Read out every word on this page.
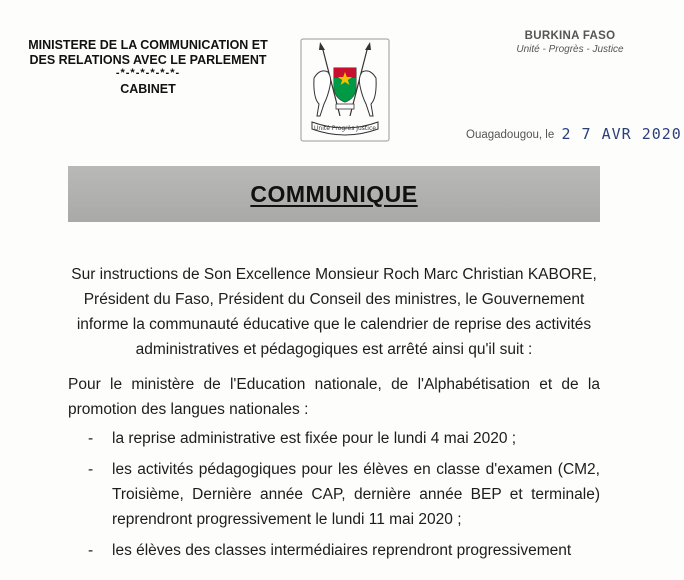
MINISTERE DE LA COMMUNICATION ET
DES RELATIONS AVEC LE PARLEMENT
-*-*-*-*-*-*-
CABINET
Unité Progrès Justice
BURKINA FASO
Unité - Progrès - Justice
Ouagadougou, le 2 7 AVR 2020
COMMUNIQUE

Sur instructions de Son Excellence Monsieur Roch Marc Christian KABORE, Président du Faso, Président du Conseil des ministres, le Gouvernement informe la communauté éducative que le calendrier de reprise des activités administratives et pédagogiques est arrêté ainsi qu'il suit :

Pour le ministère de l'Education nationale, de l'Alphabétisation et de la promotion des langues nationales :

- la reprise administrative est fixée pour le lundi 4 mai 2020 ;
- les activités pédagogiques pour les élèves en classe d'examen (CM2, Troisième, Dernière année CAP, dernière année BEP et terminale) reprendront progressivement le lundi 11 mai 2020 ;
- les élèves des classes intermédiaires reprendront progressivement
